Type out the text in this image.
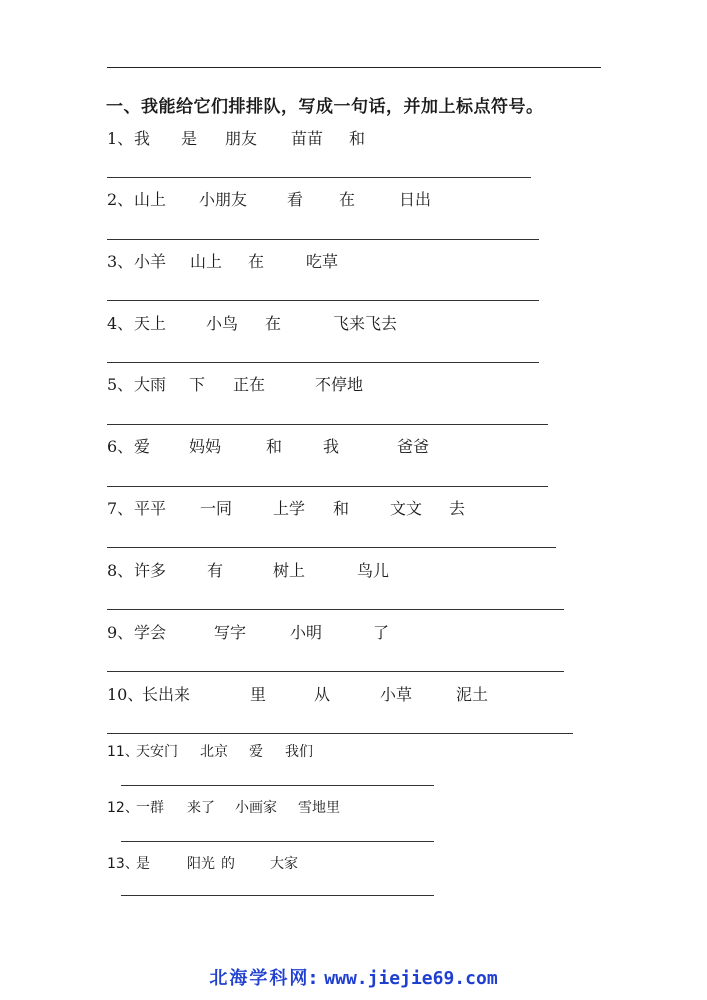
一、我能给它们排排队，写成一句话，并加上标点符号。
1、 我 是 朋友 苗苗 和
2、 山上 小朋友 看 在	日出
3、 小羊 山上 在	吃草
4、 天上 小鸟 在	飞来飞去
5、 大雨 下 正在	不停地
6、 爱 妈妈	和	我	爸爸
7、 平平 一同	上学 和	文文 去
8、 许多	有	树上	鸟儿
9、 学会	写字	小明	了
10、
长出来	里	从	小草	泥土
11、
天安门 北京 爱 我们
12、
一群 来了 小画家 雪地里
13、
是	阳光 的	大家
北海学科网: www.jiejie69.com
